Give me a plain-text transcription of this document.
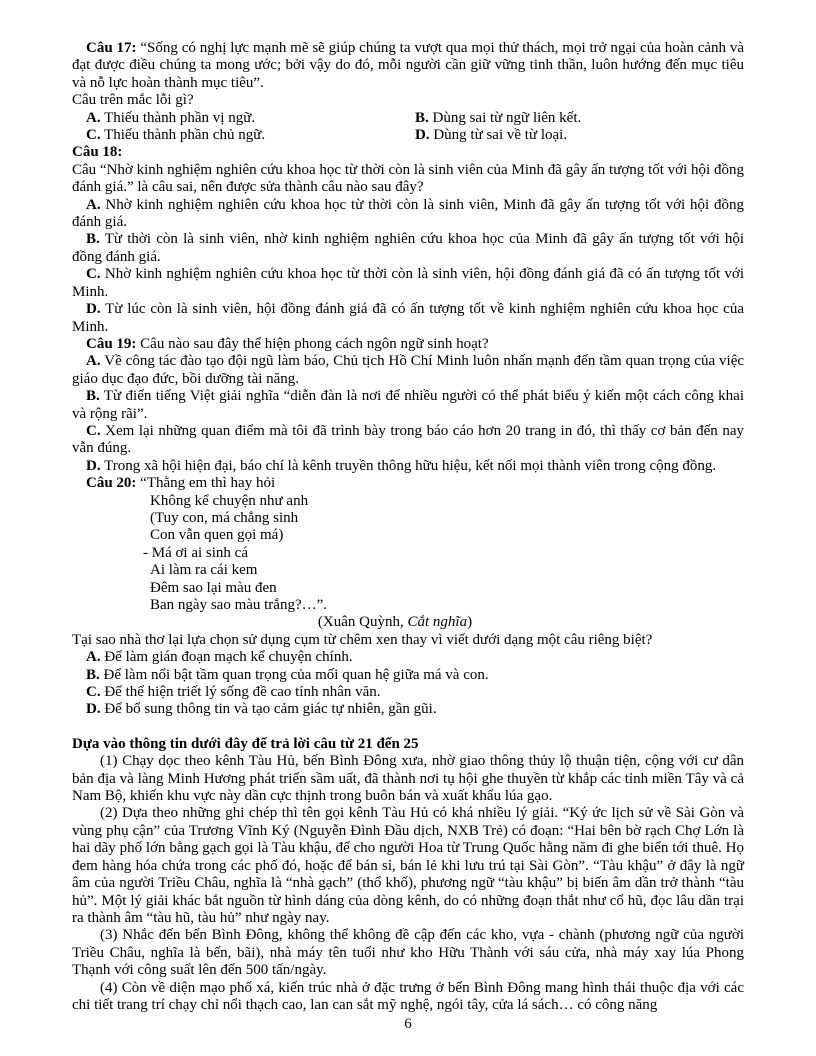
Câu 17: “Sống có nghị lực mạnh mẽ sẽ giúp chúng ta vượt qua mọi thử thách, mọi trở ngại của hoàn cảnh và đạt được điều chúng ta mong ước; bởi vậy do đó, mỗi người cần giữ vững tinh thần, luôn hướng đến mục tiêu và nỗ lực hoàn thành mục tiêu”.

Câu trên mắc lỗi gì?

A. Thiếu thành phần vị ngữ.	B. Dùng sai từ ngữ liên kết.
C. Thiếu thành phần chủ ngữ.	D. Dùng từ sai về từ loại.

Câu 18:

Câu “Nhờ kinh nghiệm nghiên cứu khoa học từ thời còn là sinh viên của Minh đã gây ấn tượng tốt với hội đồng đánh giá.” là câu sai, nên được sửa thành câu nào sau đây?

A. Nhờ kinh nghiệm nghiên cứu khoa học từ thời còn là sinh viên, Minh đã gây ấn tượng tốt với hội đồng đánh giá.

B. Từ thời còn là sinh viên, nhờ kinh nghiệm nghiên cứu khoa học của Minh đã gây ấn tượng tốt với hội đồng đánh giá.

C. Nhờ kinh nghiệm nghiên cứu khoa học từ thời còn là sinh viên, hội đồng đánh giá đã có ấn tượng tốt với Minh.

D. Từ lúc còn là sinh viên, hội đồng đánh giá đã có ấn tượng tốt về kinh nghiệm nghiên cứu khoa học của Minh.

Câu 19: Câu nào sau đây thể hiện phong cách ngôn ngữ sinh hoạt?

A. Về công tác đào tạo đội ngũ làm báo, Chủ tịch Hồ Chí Minh luôn nhấn mạnh đến tầm quan trọng của việc giáo dục đạo đức, bồi dưỡng tài năng.

B. Từ điển tiếng Việt giải nghĩa “diễn đàn là nơi để nhiều người có thể phát biểu ý kiến một cách công khai và rộng rãi”.

C. Xem lại những quan điểm mà tôi đã trình bày trong báo cáo hơn 20 trang in đó, thì thấy cơ bản đến nay vẫn đúng.

D. Trong xã hội hiện đại, báo chí là kênh truyền thông hữu hiệu, kết nối mọi thành viên trong cộng đồng.

Câu 20: “Thằng em thì hay hỏi

Không kể chuyện như anh
(Tuy con, má chẳng sinh
Con vẫn quen gọi má)
- Má ơi ai sinh cá
Ai làm ra cái kem
Đêm sao lại màu đen
Ban ngày sao màu trắng?…”.
(Xuân Quỳnh, Cắt nghĩa)

Tại sao nhà thơ lại lựa chọn sử dụng cụm từ chêm xen thay vì viết dưới dạng một câu riêng biệt?

A. Để làm gián đoạn mạch kể chuyện chính.

B. Để làm nổi bật tầm quan trọng của mối quan hệ giữa má và con.

C. Để thể hiện triết lý sống đề cao tính nhân văn.

D. Để bổ sung thông tin và tạo cảm giác tự nhiên, gần gũi.

Dựa vào thông tin dưới đây để trả lời câu từ 21 đến 25

(1) Chạy dọc theo kênh Tàu Hủ, bến Bình Đông xưa, nhờ giao thông thủy lộ thuận tiện, cộng với cư dân bản địa và làng Minh Hương phát triển sầm uất, đã thành nơi tụ hội ghe thuyền từ khắp các tỉnh miền Tây và cả Nam Bộ, khiến khu vực này dần cực thịnh trong buôn bán và xuất khẩu lúa gạo.

(2) Dựa theo những ghi chép thì tên gọi kênh Tàu Hủ có khá nhiều lý giải. “Ký ức lịch sử về Sài Gòn và vùng phụ cận” của Trương Vĩnh Ký (Nguyễn Đình Đầu dịch, NXB Trẻ) có đoạn: “Hai bên bờ rạch Chợ Lớn là hai dãy phố lớn bằng gạch gọi là Tàu khậu, để cho người Hoa từ Trung Quốc hằng năm đi ghe biển tới thuê. Họ đem hàng hóa chứa trong các phố đó, hoặc để bán sỉ, bán lẻ khi lưu trú tại Sài Gòn”. “Tàu khậu” ở đây là ngữ âm của người Triều Châu, nghĩa là “nhà gạch” (thổ khố), phương ngữ “tàu khậu” bị biến âm dần trở thành “tàu hủ”. Một lý giải khác bắt nguồn từ hình dáng của dòng kênh, do có những đoạn thắt như cổ hũ, đọc lâu dần trại ra thành âm “tàu hũ, tàu hủ” như ngày nay.

(3) Nhắc đến bến Bình Đông, không thể không đề cập đến các kho, vựa - chành (phương ngữ của người Triều Châu, nghĩa là bến, bãi), nhà máy tên tuổi như kho Hữu Thành với sáu cửa, nhà máy xay lúa Phong Thạnh với công suất lên đến 500 tấn/ngày.

(4) Còn về diện mạo phố xá, kiến trúc nhà ở đặc trưng ở bến Bình Đông mang hình thái thuộc địa với các chi tiết trang trí chạy chỉ nổi thạch cao, lan can sắt mỹ nghệ, ngói tây, cửa lá sách… có công năng

6
